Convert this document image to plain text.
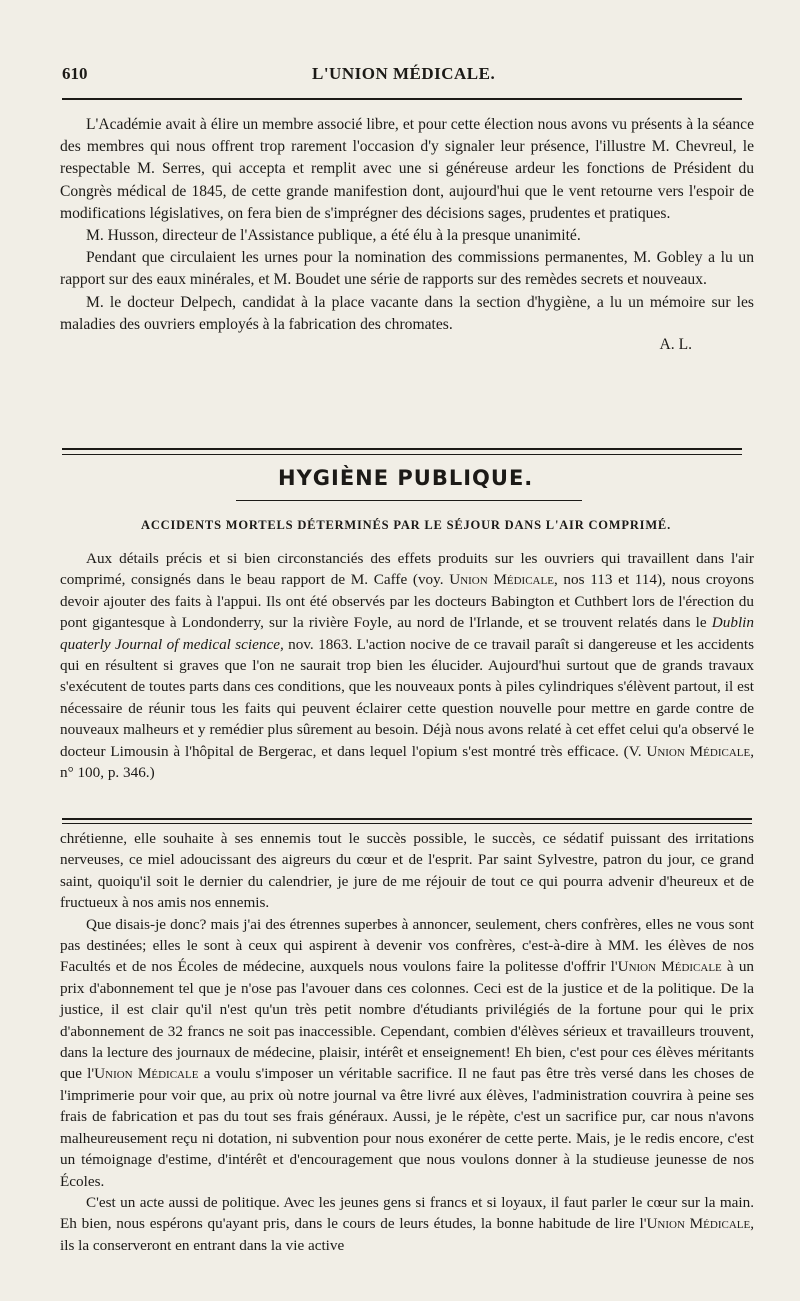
610	L'UNION MÉDICALE.

L'Académie avait à élire un membre associé libre, et pour cette élection nous avons vu présents à la séance des membres qui nous offrent trop rarement l'occasion d'y signaler leur présence, l'illustre M. Chevreul, le respectable M. Serres, qui accepta et remplit avec une si généreuse ardeur les fonctions de Président du Congrès médical de 1845, de cette grande manifestion dont, aujourd'hui que le vent retourne vers l'espoir de modifications législatives, on fera bien de s'imprégner des décisions sages, prudentes et pratiques.

M. Husson, directeur de l'Assistance publique, a été élu à la presque unanimité.

Pendant que circulaient les urnes pour la nomination des commissions permanentes, M. Gobley a lu un rapport sur des eaux minérales, et M. Boudet une série de rapports sur des remèdes secrets et nouveaux.

M. le docteur Delpech, candidat à la place vacante dans la section d'hygiène, a lu un mémoire sur les maladies des ouvriers employés à la fabrication des chromates.

A. L.

HYGIÈNE PUBLIQUE.
ACCIDENTS MORTELS DÉTERMINÉS PAR LE SÉJOUR DANS L'AIR COMPRIMÉ.

Aux détails précis et si bien circonstanciés des effets produits sur les ouvriers qui travaillent dans l'air comprimé, consignés dans le beau rapport de M. Caffe (voy. Union Médicale, nos 113 et 114), nous croyons devoir ajouter des faits à l'appui. Ils ont été observés par les docteurs Babington et Cuthbert lors de l'érection du pont gigantesque à Londonderry, sur la rivière Foyle, au nord de l'Irlande, et se trouvent relatés dans le Dublin quaterly Journal of medical science, nov. 1863. L'action nocive de ce travail paraît si dangereuse et les accidents qui en résultent si graves que l'on ne saurait trop bien les élucider. Aujourd'hui surtout que de grands travaux s'exécutent de toutes parts dans ces conditions, que les nouveaux ponts à piles cylindriques s'élèvent partout, il est nécessaire de réunir tous les faits qui peuvent éclairer cette question nouvelle pour mettre en garde contre de nouveaux malheurs et y remédier plus sûrement au besoin. Déjà nous avons relaté à cet effet celui qu'a observé le docteur Limousin à l'hôpital de Bergerac, et dans lequel l'opium s'est montré très efficace. (V. Union Médicale, n° 100, p. 346.)

chrétienne, elle souhaite à ses ennemis tout le succès possible, le succès, ce sédatif puissant des irritations nerveuses, ce miel adoucissant des aigreurs du cœur et de l'esprit. Par saint Sylvestre, patron du jour, ce grand saint, quoiqu'il soit le dernier du calendrier, je jure de me réjouir de tout ce qui pourra advenir d'heureux et de fructueux à nos amis nos ennemis.

Que disais-je donc? mais j'ai des étrennes superbes à annoncer, seulement, chers confrères, elles ne vous sont pas destinées; elles le sont à ceux qui aspirent à devenir vos confrères, c'est-à-dire à MM. les élèves de nos Facultés et de nos Écoles de médecine, auxquels nous voulons faire la politesse d'offrir l'Union Médicale à un prix d'abonnement tel que je n'ose pas l'avouer dans ces colonnes. Ceci est de la justice et de la politique. De la justice, il est clair qu'il n'est qu'un très petit nombre d'étudiants privilégiés de la fortune pour qui le prix d'abonnement de 32 francs ne soit pas inaccessible. Cependant, combien d'élèves sérieux et travailleurs trouvent, dans la lecture des journaux de médecine, plaisir, intérêt et enseignement! Eh bien, c'est pour ces élèves méritants que l'Union Médicale a voulu s'imposer un véritable sacrifice. Il ne faut pas être très versé dans les choses de l'imprimerie pour voir que, au prix où notre journal va être livré aux élèves, l'administration couvrira à peine ses frais de fabrication et pas du tout ses frais généraux. Aussi, je le répète, c'est un sacrifice pur, car nous n'avons malheureusement reçu ni dotation, ni subvention pour nous exonérer de cette perte. Mais, je le redis encore, c'est un témoignage d'estime, d'intérêt et d'encouragement que nous voulons donner à la studieuse jeunesse de nos Écoles.

C'est un acte aussi de politique. Avec les jeunes gens si francs et si loyaux, il faut parler le cœur sur la main. Eh bien, nous espérons qu'ayant pris, dans le cours de leurs études, la bonne habitude de lire l'Union Médicale, ils la conserveront en entrant dans la vie active
